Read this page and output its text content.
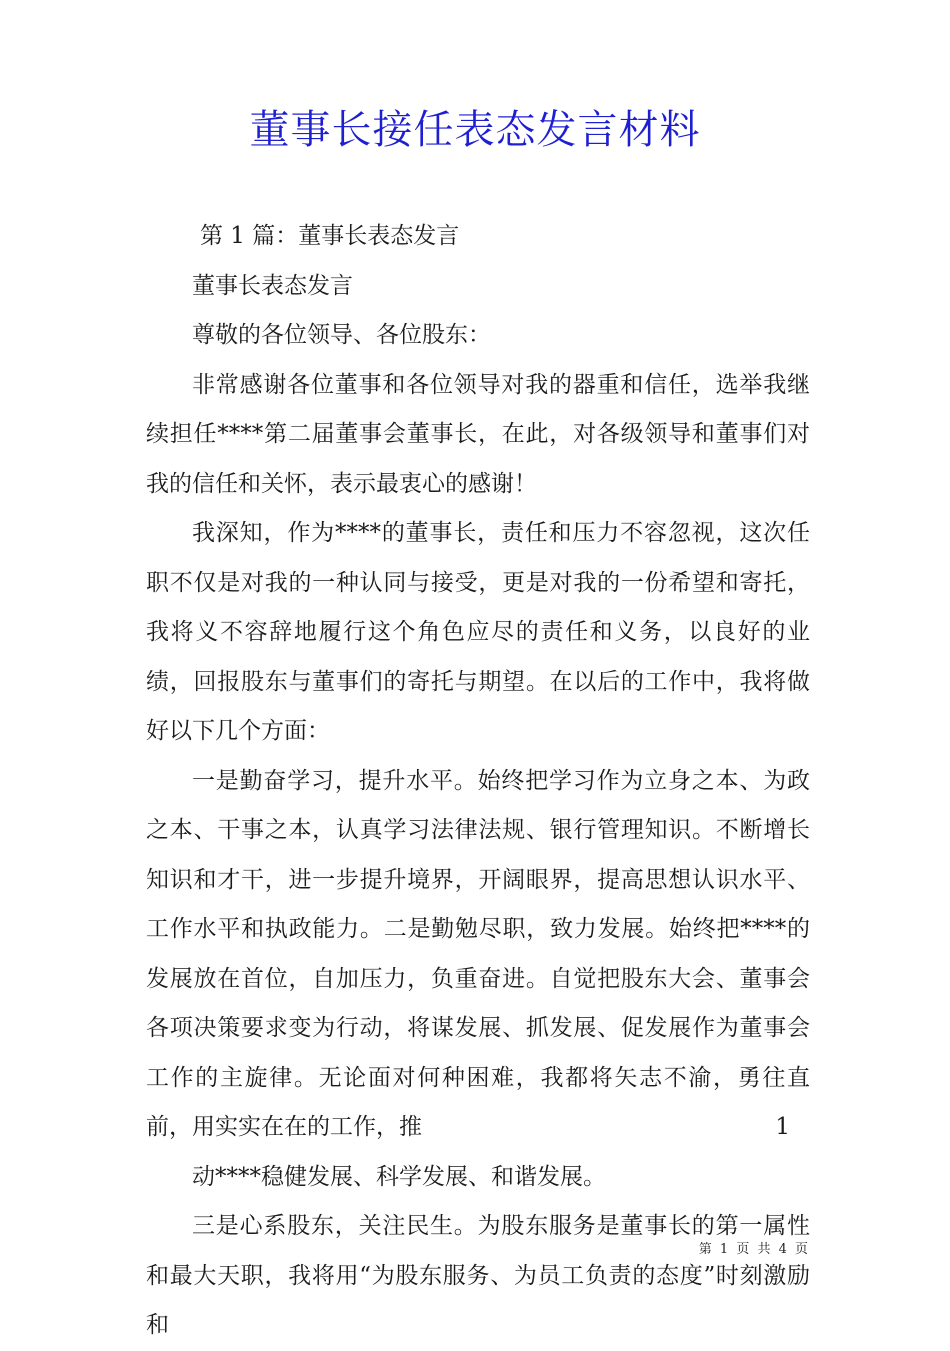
董事长接任表态发言材料

第 1 篇：董事长表态发言

董事长表态发言

尊敬的各位领导、各位股东：

非常感谢各位董事和各位领导对我的器重和信任，选举我继续担任****第二届董事会董事长，在此，对各级领导和董事们对我的信任和关怀，表示最衷心的感谢！

我深知，作为****的董事长，责任和压力不容忽视，这次任职不仅是对我的一种认同与接受，更是对我的一份希望和寄托，我将义不容辞地履行这个角色应尽的责任和义务，以良好的业绩，回报股东与董事们的寄托与期望。在以后的工作中，我将做好以下几个方面：

一是勤奋学习，提升水平。始终把学习作为立身之本、为政之本、干事之本，认真学习法律法规、银行管理知识。不断增长知识和才干，进一步提升境界，开阔眼界，提高思想认识水平、工作水平和执政能力。二是勤勉尽职，致力发展。始终把****的发展放在首位，自加压力，负重奋进。自觉把股东大会、董事会各项决策要求变为行动，将谋发展、抓发展、促发展作为董事会工作的主旋律。无论面对何种困难，我都将矢志不渝，勇往直前，用实实在在的工作，推	1

动****稳健发展、科学发展、和谐发展。

三是心系股东，关注民生。为股东服务是董事长的第一属性和最大天职，我将用“为股东服务、为员工负责的态度”时刻激励和

第 1 页 共 4 页
